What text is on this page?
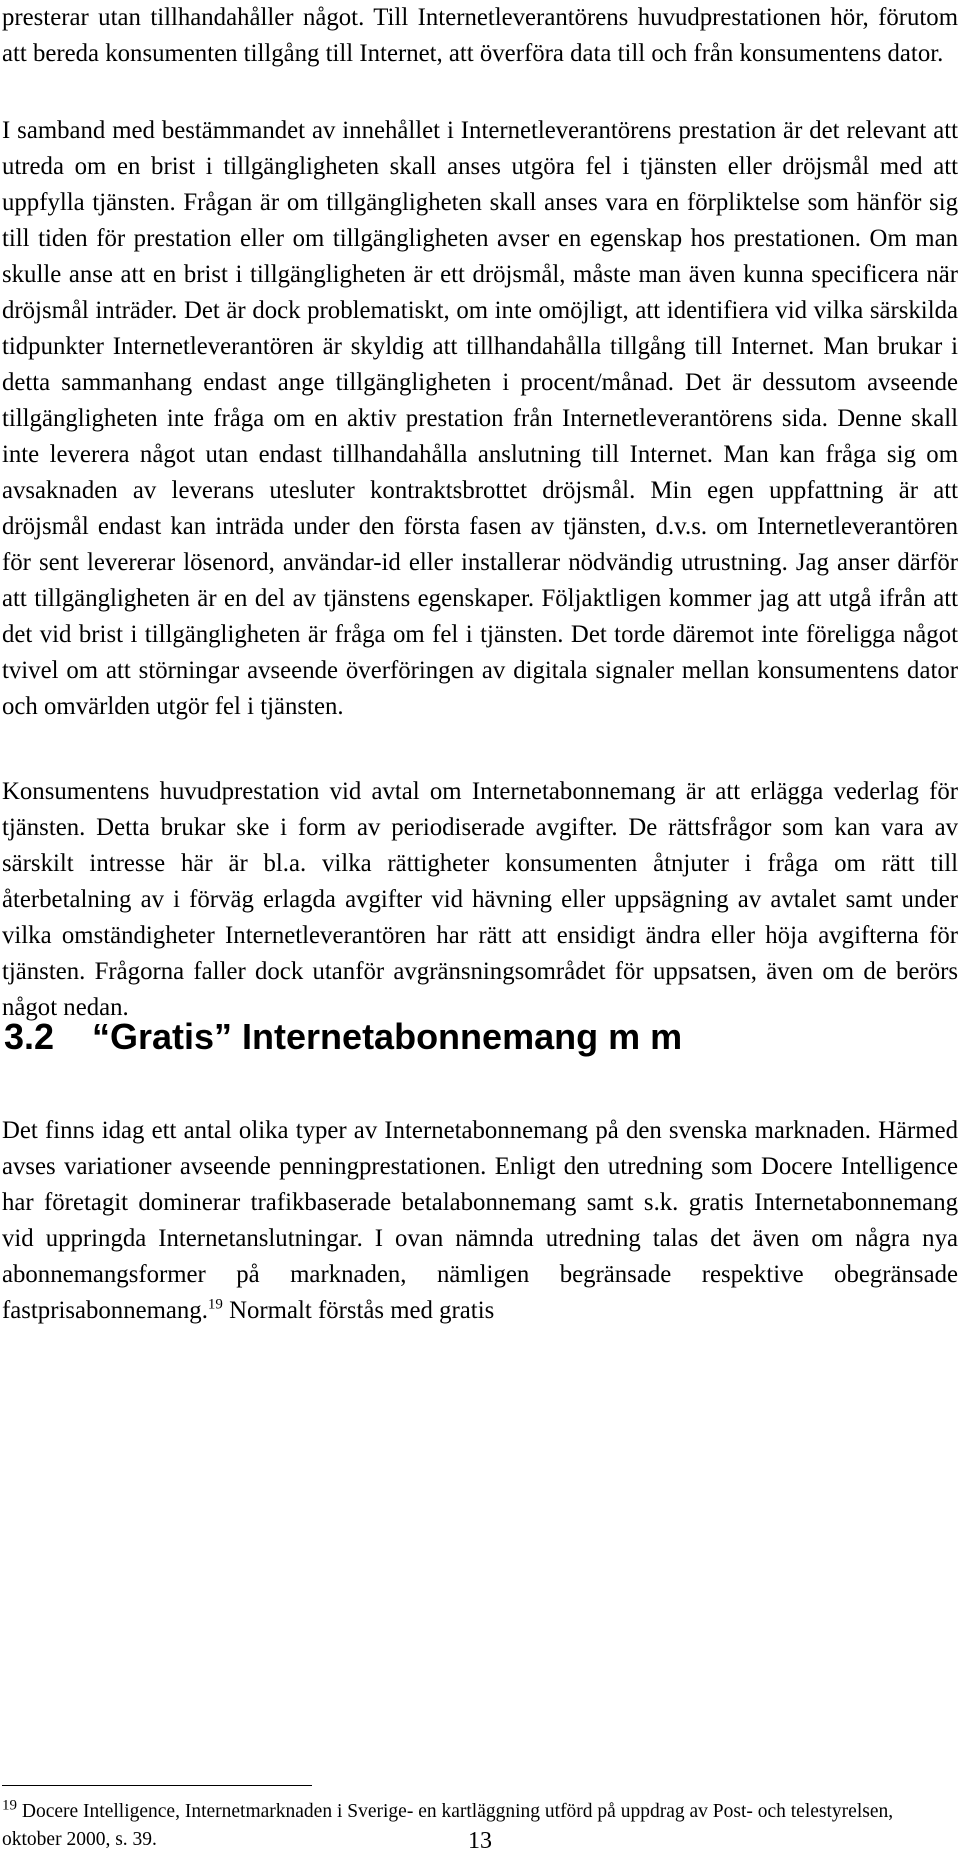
presterar utan tillhandahåller något. Till Internetleverantörens huvudprestationen hör, förutom att bereda konsumenten tillgång till Internet, att överföra data till och från konsumentens dator.

I samband med bestämmandet av innehållet i Internetleverantörens prestation är det relevant att utreda om en brist i tillgängligheten skall anses utgöra fel i tjänsten eller dröjsmål med att uppfylla tjänsten. Frågan är om tillgängligheten skall anses vara en förpliktelse som hänför sig till tiden för prestation eller om tillgängligheten avser en egenskap hos prestationen. Om man skulle anse att en brist i tillgängligheten är ett dröjsmål, måste man även kunna specificera när dröjsmål inträder. Det är dock problematiskt, om inte omöjligt, att identifiera vid vilka särskilda tidpunkter Internetleverantören är skyldig att tillhandahålla tillgång till Internet. Man brukar i detta sammanhang endast ange tillgängligheten i procent/månad. Det är dessutom avseende tillgängligheten inte fråga om en aktiv prestation från Internetleverantörens sida. Denne skall inte leverera något utan endast tillhandahålla anslutning till Internet. Man kan fråga sig om avsaknaden av leverans utesluter kontraktsbrottet dröjsmål. Min egen uppfattning är att dröjsmål endast kan inträda under den första fasen av tjänsten, d.v.s. om Internetleverantören för sent levererar lösenord, användar-id eller installerar nödvändig utrustning. Jag anser därför att tillgängligheten är en del av tjänstens egenskaper. Följaktligen kommer jag att utgå ifrån att det vid brist i tillgängligheten är fråga om fel i tjänsten. Det torde däremot inte föreligga något tvivel om att störningar avseende överföringen av digitala signaler mellan konsumentens dator och omvärlden utgör fel i tjänsten.

Konsumentens huvudprestation vid avtal om Internetabonnemang är att erlägga vederlag för tjänsten. Detta brukar ske i form av periodiserade avgifter. De rättsfrågor som kan vara av särskilt intresse här är bl.a. vilka rättigheter konsumenten åtnjuter i fråga om rätt till återbetalning av i förväg erlagda avgifter vid hävning eller uppsägning av avtalet samt under vilka omständigheter Internetleverantören har rätt att ensidigt ändra eller höja avgifterna för tjänsten. Frågorna faller dock utanför avgränsningsområdet för uppsatsen, även om de berörs något nedan.

3.2 “Gratis” Internetabonnemang m m

Det finns idag ett antal olika typer av Internetabonnemang på den svenska marknaden. Härmed avses variationer avseende penningprestationen. Enligt den utredning som Docere Intelligence har företagit dominerar trafikbaserade betalabonnemang samt s.k. gratis Internetabonnemang vid uppringda Internetanslutningar. I ovan nämnda utredning talas det även om några nya abonnemangsformer på marknaden, nämligen begränsade respektive obegränsade fastprisabonnemang.$^{19}$ Normalt förstås med gratis

$^{19}$ Docere Intelligence, Internetmarknaden i Sverige- en kartläggning utförd på uppdrag av Post- och telestyrelsen, oktober 2000, s. 39.	13
